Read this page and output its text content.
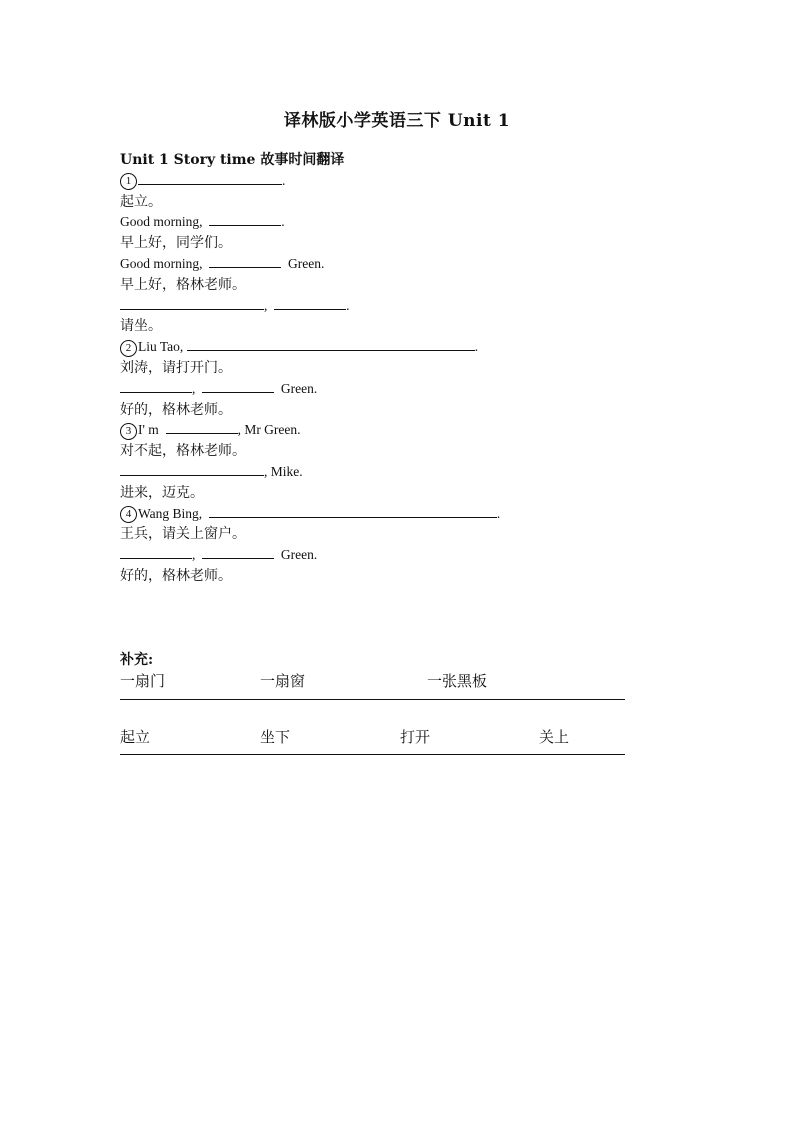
译林版小学英语三下 Unit 1
Unit 1 Story time 故事时间翻译
1	.
起立。
Good morning,	.
早上好，同学们。
Good morning,	Green.
早上好，格林老师。
,	.
请坐。
2 Liu Tao,	.
刘涛，请打开门。
,	Green.
好的，格林老师。
3 I' m	, Mr Green.
对不起，格林老师。
, Mike.
进来，迈克。
4 Wang Bing,	.
王兵，请关上窗户。
,	Green.
好的，格林老师。
补充:
一扇门	一扇窗	一张黑板
起立	坐下	打开	关上
